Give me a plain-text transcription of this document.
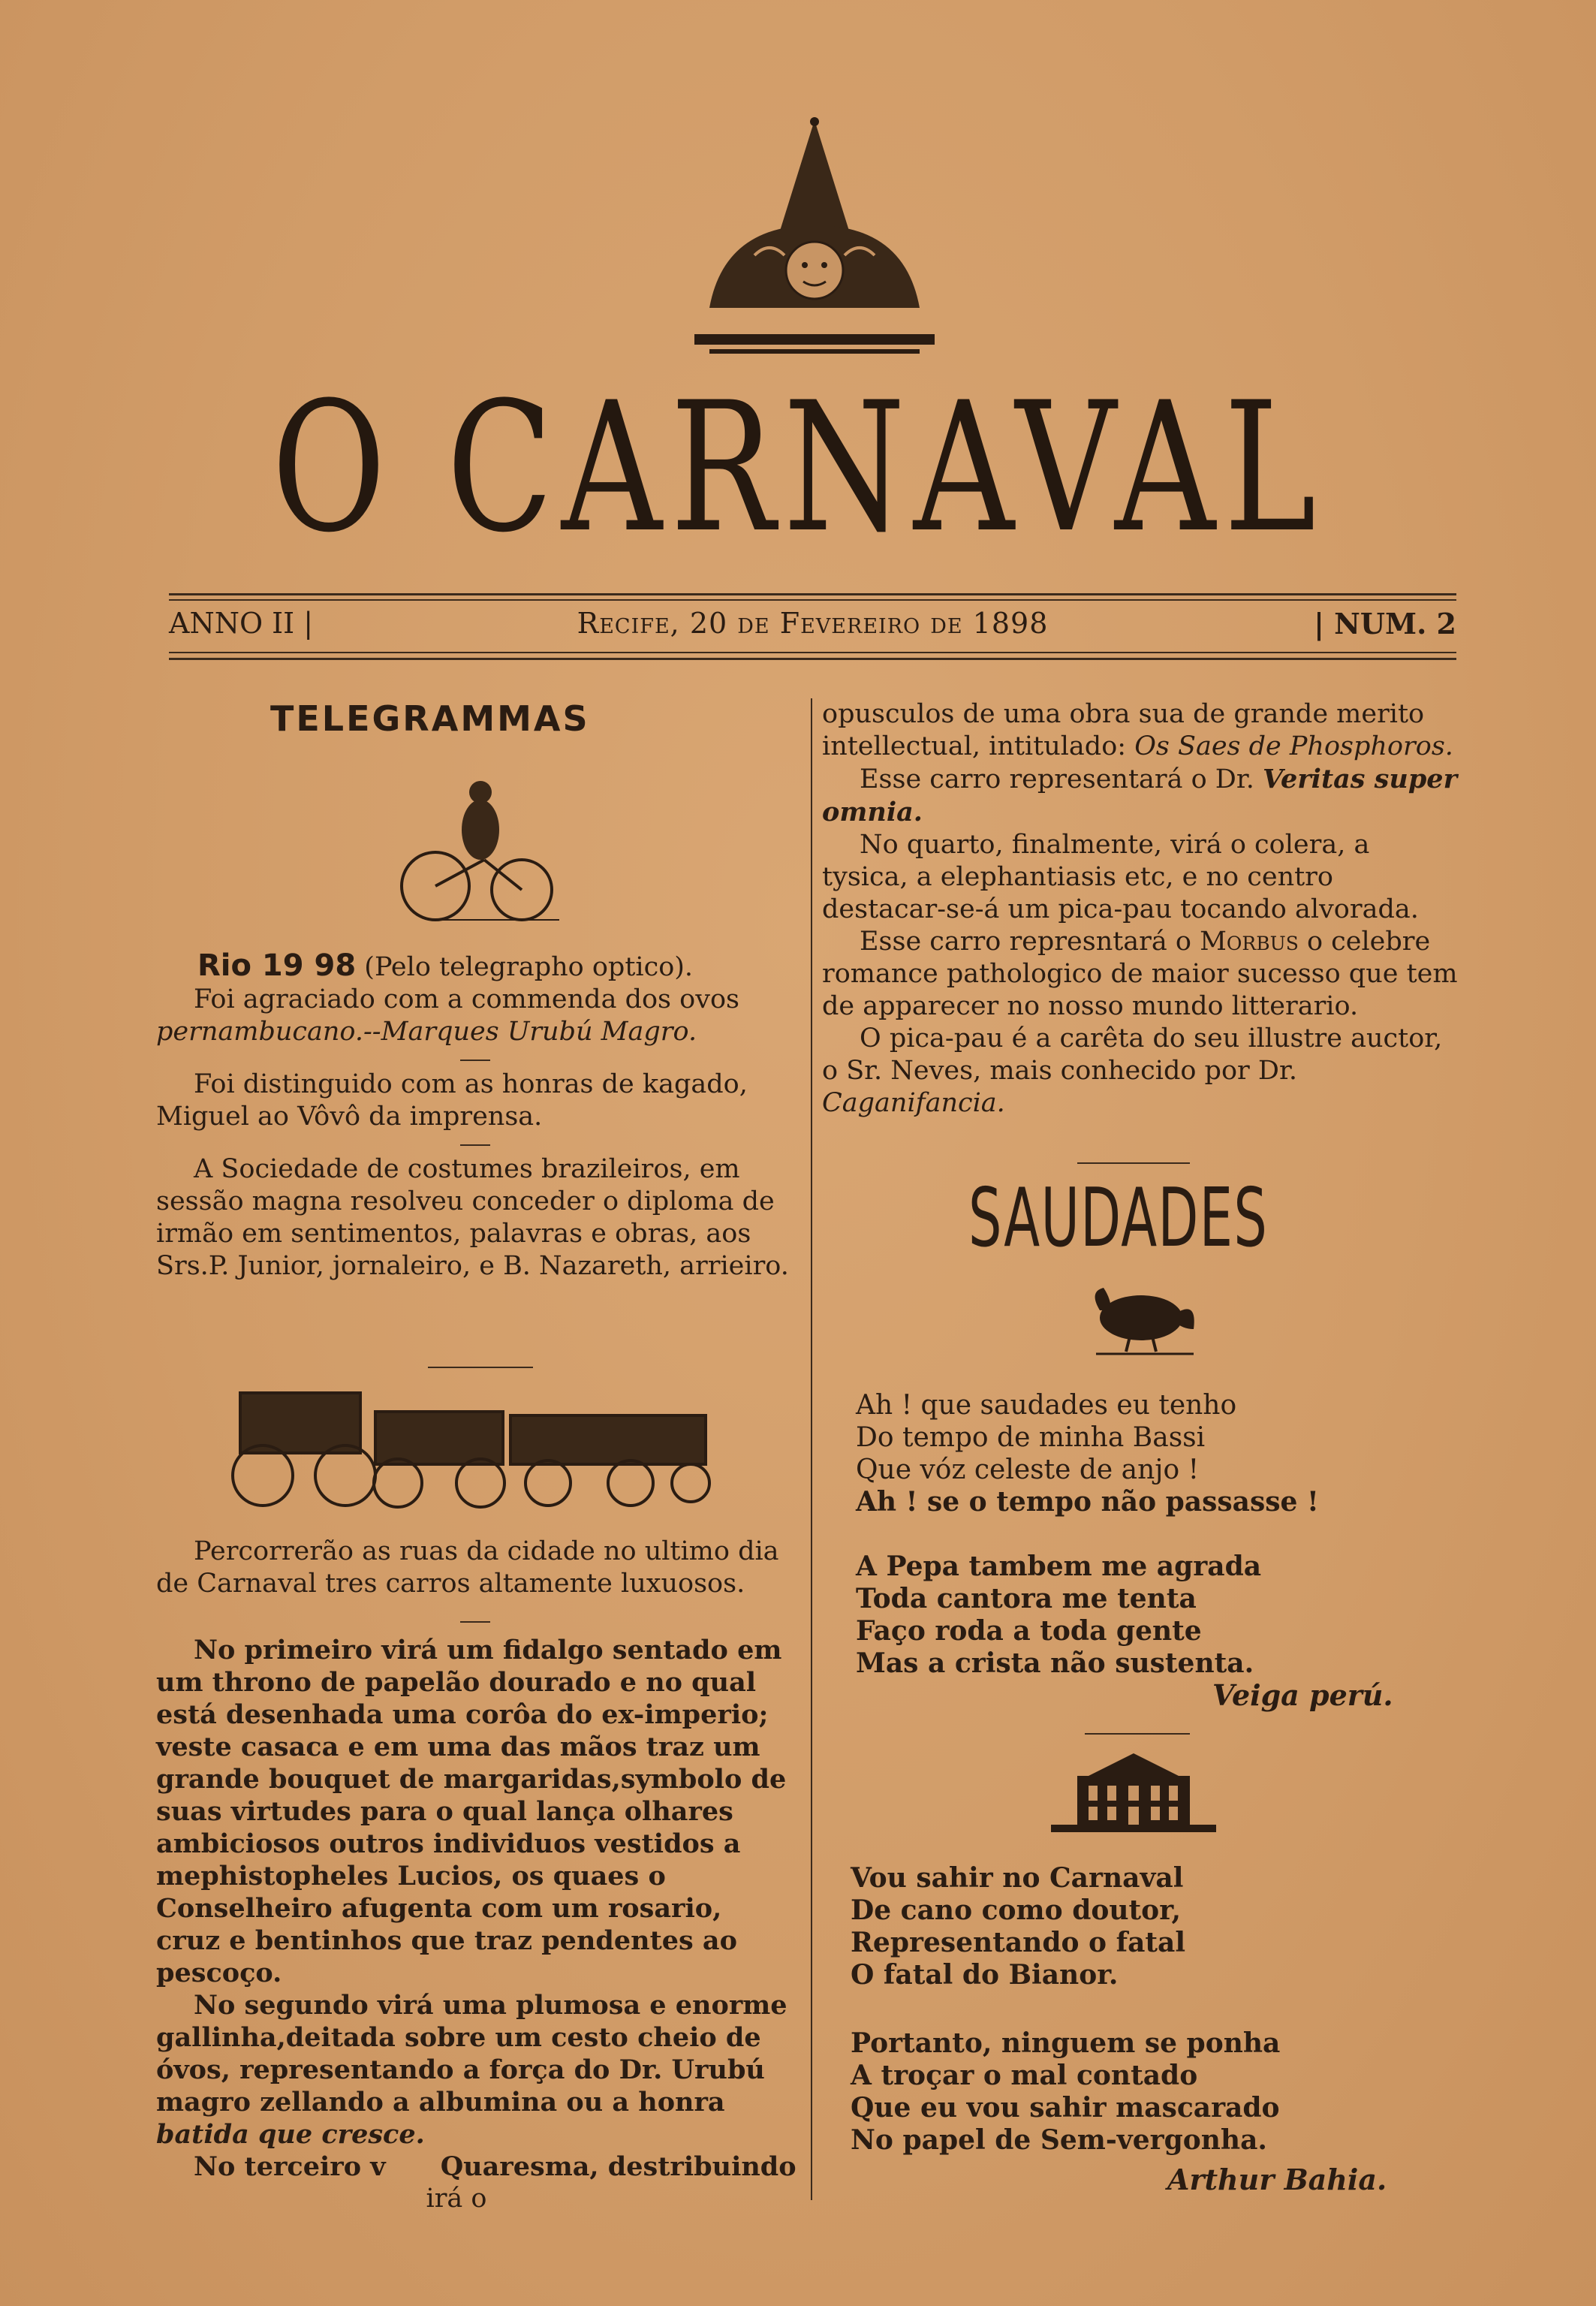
O CARNAVAL
ANNO II |	Recife, 20 de Fevereiro de 1898	| NUM. 2
TELEGRAMMAS

Rio 19 98 (Pelo telegrapho optico).

Foi agraciado com a commenda dos ovos

pernambucano.--Marques Urubú Magro.

Foi distinguido com as honras de kagado, Miguel ao Vôvô da imprensa.

A Sociedade de costumes brazileiros, em sessão magna resolveu conceder o diploma de irmão em sentimentos, palavras e obras, aos Srs.P. Junior, jornaleiro, e B. Nazareth, arrieiro.

Percorrerão as ruas da cidade no ultimo dia de Carnaval tres carros altamente luxuosos.

No primeiro virá um fidalgo sentado em um throno de papelão dourado e no qual está desenhada uma corôa do ex-imperio; veste casaca e em uma das mãos traz um grande bouquet de margaridas,symbolo de suas virtudes para o qual lança olhares ambiciosos outros individuos vestidos a mephistopheles Lucios, os quaes o Conselheiro afugenta com um rosario, cruz e bentinhos que traz pendentes ao pescoço.

No segundo virá uma plumosa e enorme gallinha,deitada sobre um cesto cheio de óvos, representando a força do Dr. Urubú magro zellando a albumina ou a honra batida que cresce.

No terceiro v      Quaresma, destribuindo

irá o

opusculos de uma obra sua de grande merito intellectual, intitulado: Os Saes de Phosphoros.

Esse carro representará o Dr. Veritas super omnia.

No quarto, finalmente, virá o colera, a tysica, a elephantiasis etc, e no centro destacar-se-á um pica-pau tocando alvorada.

Esse carro represntará o Morbus o celebre romance pathologico de maior sucesso que tem de apparecer no nosso mundo litterario.

O pica-pau é a carêta do seu illustre auctor, o Sr. Neves, mais conhecido por Dr. Caganifancia.

SAUDADES

Ah ! que saudades eu tenho

Do tempo de minha Bassi

Que vóz celeste de anjo !

Ah ! se o tempo não passasse !

A Pepa tambem me agrada

Toda cantora me tenta

Faço roda a toda gente

Mas a crista não sustenta.

Veiga perú.

Vou sahir no Carnaval

De cano como doutor,

Representando o fatal

O fatal do Bianor.

Portanto, ninguem se ponha

A troçar o mal contado

Que eu vou sahir mascarado

No papel de Sem-vergonha.

Arthur Bahia.
